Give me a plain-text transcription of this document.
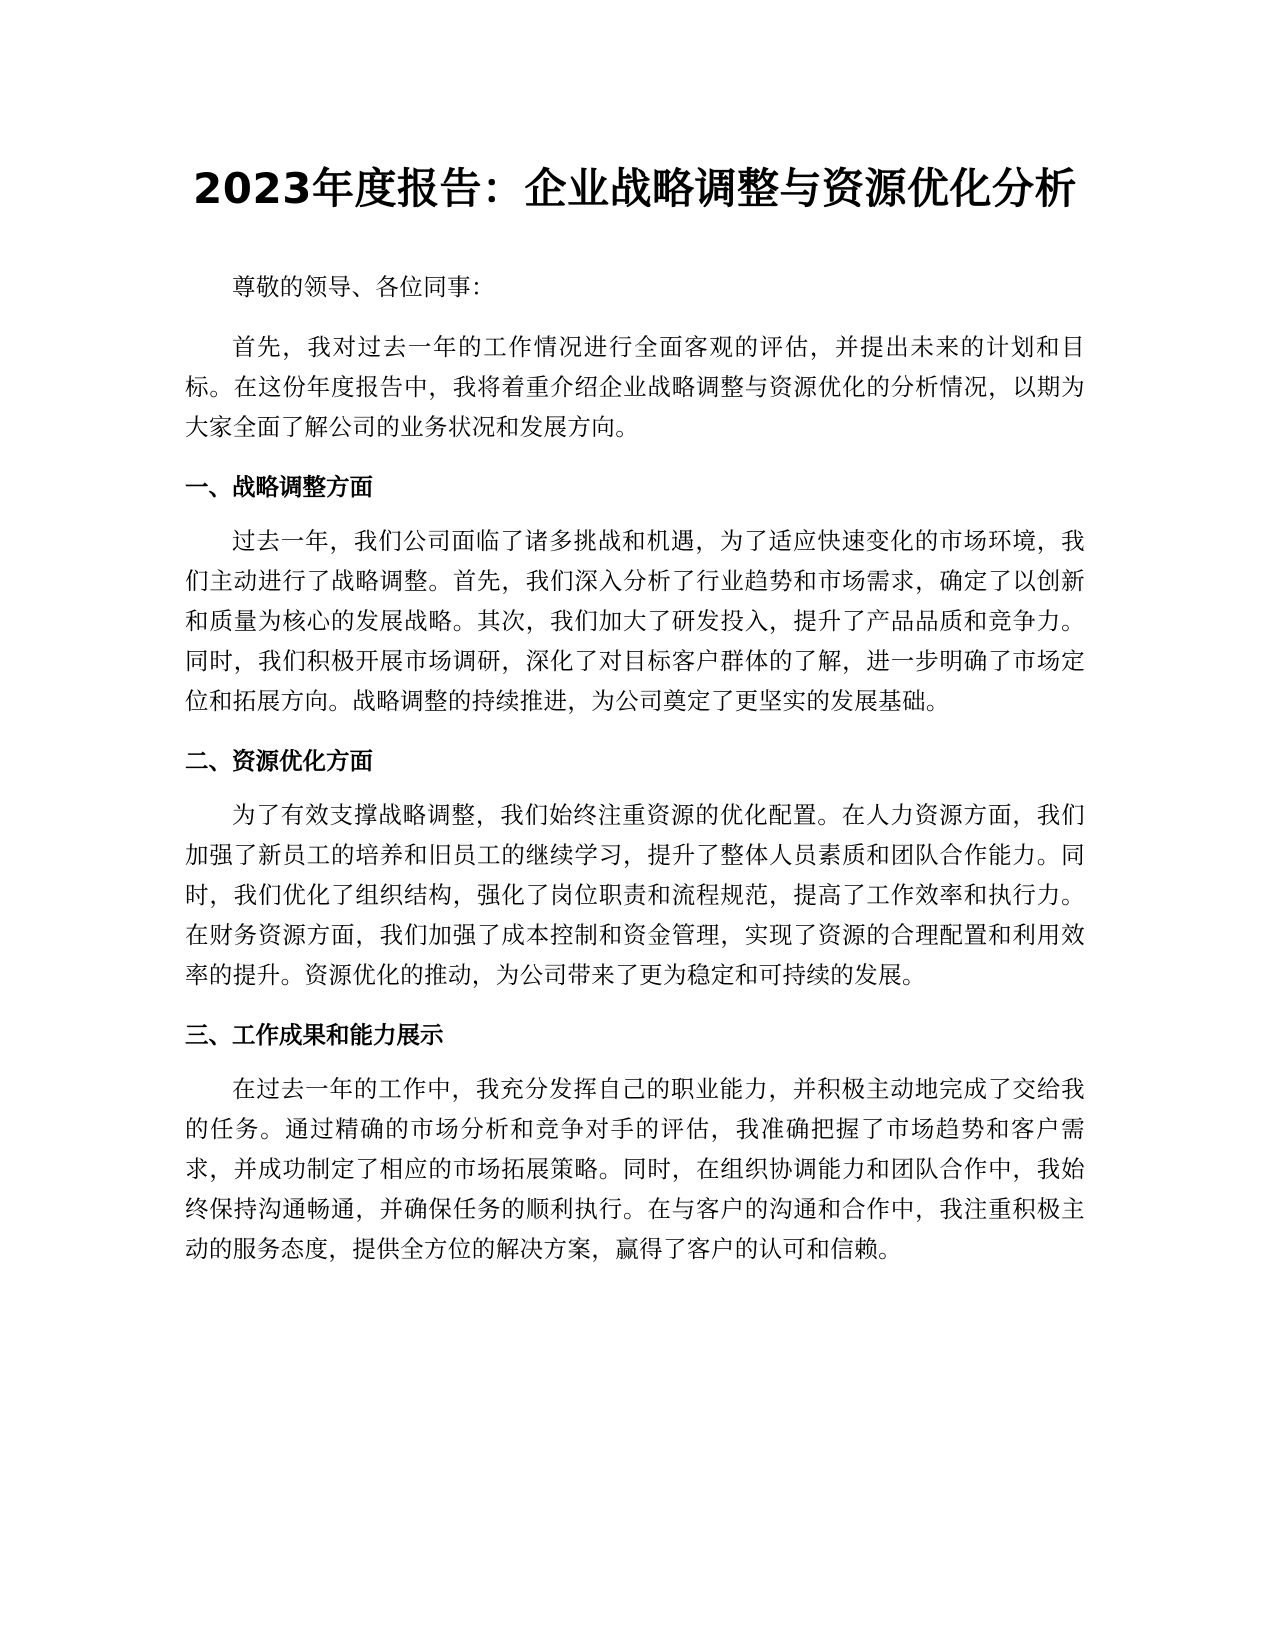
2023年度报告：企业战略调整与资源优化分析

尊敬的领导、各位同事：

首先，我对过去一年的工作情况进行全面客观的评估，并提出未来的计划和目标。在这份年度报告中，我将着重介绍企业战略调整与资源优化的分析情况，以期为大家全面了解公司的业务状况和发展方向。

一、战略调整方面

过去一年，我们公司面临了诸多挑战和机遇，为了适应快速变化的市场环境，我们主动进行了战略调整。首先，我们深入分析了行业趋势和市场需求，确定了以创新和质量为核心的发展战略。其次，我们加大了研发投入，提升了产品品质和竞争力。同时，我们积极开展市场调研，深化了对目标客户群体的了解，进一步明确了市场定位和拓展方向。战略调整的持续推进，为公司奠定了更坚实的发展基础。

二、资源优化方面

为了有效支撑战略调整，我们始终注重资源的优化配置。在人力资源方面，我们加强了新员工的培养和旧员工的继续学习，提升了整体人员素质和团队合作能力。同时，我们优化了组织结构，强化了岗位职责和流程规范，提高了工作效率和执行力。在财务资源方面，我们加强了成本控制和资金管理，实现了资源的合理配置和利用效率的提升。资源优化的推动，为公司带来了更为稳定和可持续的发展。

三、工作成果和能力展示

在过去一年的工作中，我充分发挥自己的职业能力，并积极主动地完成了交给我的任务。通过精确的市场分析和竞争对手的评估，我准确把握了市场趋势和客户需求，并成功制定了相应的市场拓展策略。同时，在组织协调能力和团队合作中，我始终保持沟通畅通，并确保任务的顺利执行。在与客户的沟通和合作中，我注重积极主动的服务态度，提供全方位的解决方案，赢得了客户的认可和信赖。
